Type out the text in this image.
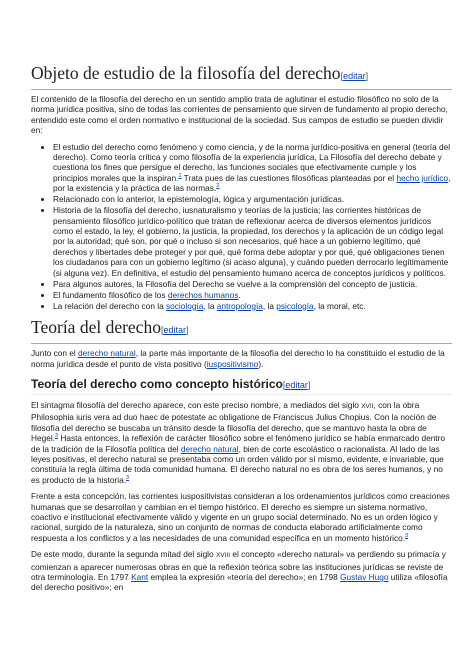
Objeto de estudio de la filosofía del derecho[editar]

El contenido de la filosofía del derecho en un sentido amplio trata de aglutinar el estudio filosófico no solo de la norma jurídica positiva, sino de todas las corrientes de pensamiento que sirven de fundamento al propio derecho, entendido este como el orden normativo e institucional de la sociedad. Sus campos de estudio se pueden dividir en:

• El estudio del derecho como fenómeno y como ciencia, y de la norma jurídico-positiva en general (teoría del derecho). Como teoría crítica y como filosofía de la experiencia jurídica, La Filosofía del derecho debate y cuestiona los fines que persigue el derecho, las funciones sociales que efectivamente cumple y los principios morales que la inspiran.$^1$ Trata pues de las cuestiones filosóficas planteadas por el hecho jurídico, por la existencia y la práctica de las normas.$^2$
• Relacionado con lo anterior, la epistemología, lógica y argumentación jurídicas.
• Historia de la filosofía del derecho, iusnaturalismo y teorías de la justicia; las corrientes históricas de pensamiento filosófico jurídico-político que tratan de reflexionar acerca de diversos elementos jurídicos como el estado, la ley, el gobierno, la justicia, la propiedad, los derechos y la aplicación de un código legal por la autoridad; qué son, por qué o incluso si son necesarios, qué hace a un gobierno legítimo, qué derechos y libertades debe proteger y por qué, qué forma debe adoptar y por qué, qué obligaciones tienen los ciudadanos para con un gobierno legítimo (si acaso alguna), y cuándo pueden derrocarlo legítimamente (si alguna vez). En definitiva, el estudio del pensamiento humano acerca de conceptos jurídicos y políticos.
• Para algunos autores, la Filosofía del Derecho se vuelve a la comprensión del concepto de justicia.
• El fundamento filosófico de los derechos humanos.
• La relación del derecho con la sociología, la antropología, la psicología, la moral, etc.
Teoría del derecho[editar]

Junto con el derecho natural, la parte más importante de la filosofía del derecho lo ha constituido el estudio de la norma jurídica desde el punto de vista positivo (iuspositivismo).

Teoría del derecho como concepto histórico[editar]

El sintagma filosofía del derecho aparece, con este preciso nombre, a mediados del siglo XVII, con la obra Philosophia iuris vera ad duo haec de potestate ac obligatione de Franciscus Julius Chopius. Con la noción de filosofía del derecho se buscaba un tránsito desde la filosofía del derecho, que se mantuvo hasta la obra de Hegel.$^3$ Hasta entonces, la reflexión de carácter filosófico sobre el fenómeno jurídico se había enmarcado dentro de la tradición de la Filosofía política del derecho natural, bien de corte escolástico o racionalista. Al lado de las leyes positivas, el derecho natural se presentaba como un orden válido por sí mismo, evidente, e invariable, que constituía la regla última de toda comunidad humana. El derecho natural no es obra de los seres humanos, y no es producto de la historia.$^3$

Frente a esta concepción, las corrientes iuspositivistas consideran a los ordenamientos jurídicos como creaciones humanas que se desarrollan y cambian en el tiempo histórico. El derecho es siempre un sistema normativo, coactivo e institucional efectivamente válido y vigente en un grupo social determinado. No es un orden lógico y racional, surgido de la naturaleza, sino un conjunto de normas de conducta elaborado artificialmente como respuesta a los conflictos y a las necesidades de una comunidad específica en un momento histórico.$^3$

De este modo, durante la segunda mitad del siglo XVIII el concepto «derecho natural» va perdiendo su primacía y comienzan a aparecer numerosas obras en que la reflexión teórica sobre las instituciones jurídicas se reviste de otra terminología. En 1797 Kant emplea la expresión «teoría del derecho»; en 1798 Gustav Hugo utiliza «filosofía del derecho positivo»; en
